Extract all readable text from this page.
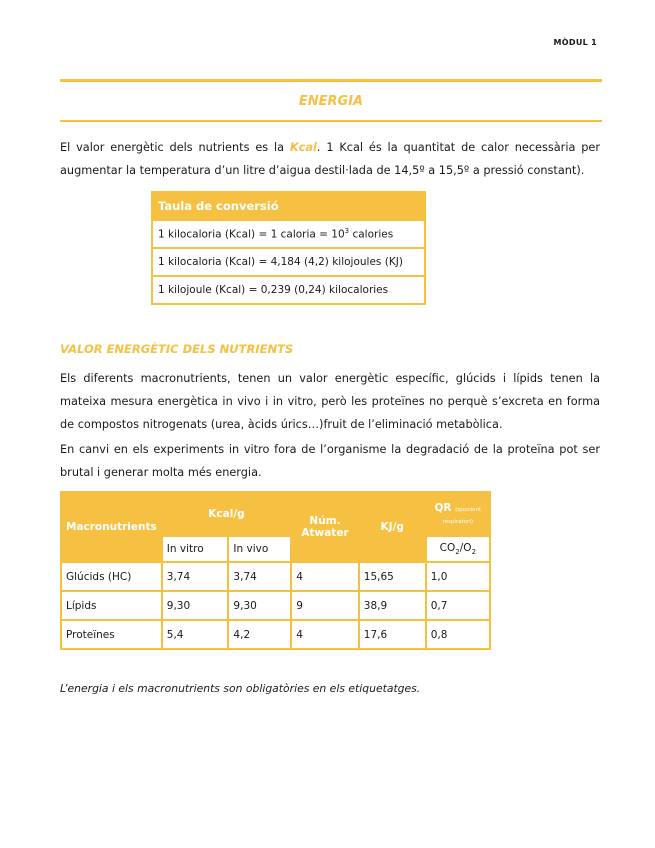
MÒDUL 1
ENERGIA
El valor energètic dels nutrients es la Kcal. 1 Kcal és la quantitat de calor necessària per augmentar la temperatura d’un litre d’aigua destil·lada de 14,5º a 15,5º a pressió constant).
Taula de conversió
1 kilocaloria (Kcal) = 1 caloria = $10^3$ calories
1 kilocaloria (Kcal) = 4,184 (4,2) kilojoules (KJ)
1 kilojoule (Kcal) = 0,239 (0,24) kilocalories
VALOR ENERGÈTIC DELS NUTRIENTS
Els diferents macronutrients, tenen un valor energètic específic, glúcids i lípids tenen la mateixa mesura energètica in vivo i in vitro, però les proteïnes no perquè s’excreta en forma de compostos nitrogenats (urea, àcids úrics…)fruit de l’eliminació metabòlica.
En canvi en els experiments in vitro fora de l’organisme la degradació de la proteïna pot ser brutal i generar molta més energia.
Macronutrients	Kcal/g		Núm. Atwater	KJ/g	QR (quocient respiratori)
	In vitro	In vivo			$CO_2/O_2$
Glúcids (HC)	3,74	3,74	4	15,65	1,0
Lípids	9,30	9,30	9	38,9	0,7
Proteïnes	5,4	4,2	4	17,6	0,8
L’energia i els macronutrients son obligatòries en els etiquetatges.
